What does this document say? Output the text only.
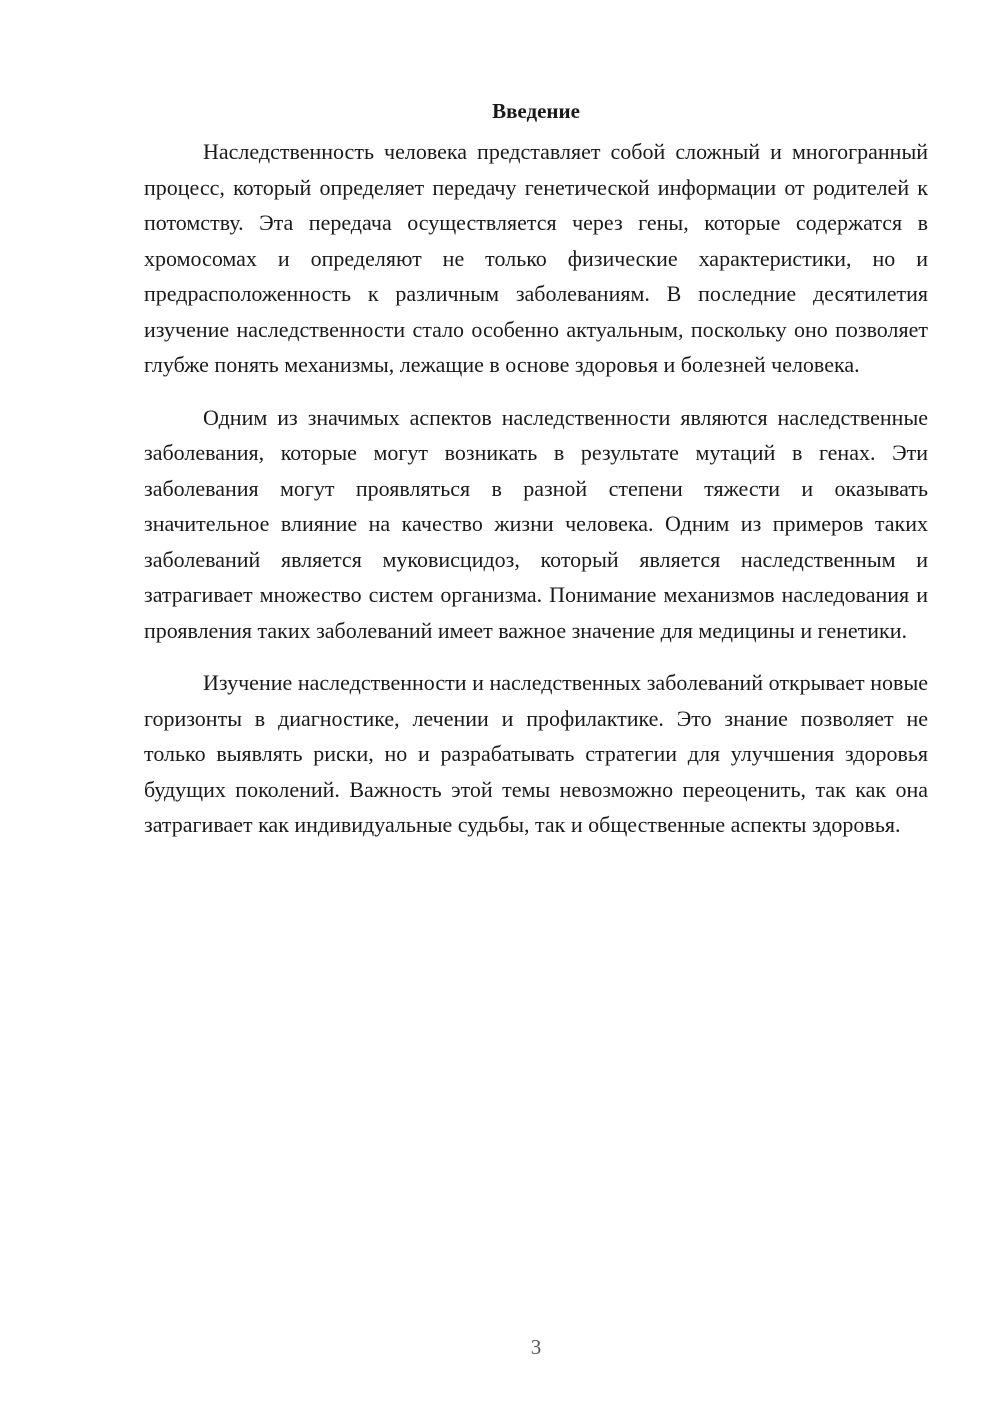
Введение

Наследственность человека представляет собой сложный и многогранный процесс, который определяет передачу генетической информации от родителей к потомству. Эта передача осуществляется через гены, которые содержатся в хромосомах и определяют не только физические характеристики, но и предрасположенность к различным заболеваниям. В последние десятилетия изучение наследственности стало особенно актуальным, поскольку оно позволяет глубже понять механизмы, лежащие в основе здоровья и болезней человека.

Одним из значимых аспектов наследственности являются наследственные заболевания, которые могут возникать в результате мутаций в генах. Эти заболевания могут проявляться в разной степени тяжести и оказывать значительное влияние на качество жизни человека. Одним из примеров таких заболеваний является муковисцидоз, который является наследственным и затрагивает множество систем организма. Понимание механизмов наследования и проявления таких заболеваний имеет важное значение для медицины и генетики.

Изучение наследственности и наследственных заболеваний открывает новые горизонты в диагностике, лечении и профилактике. Это знание позволяет не только выявлять риски, но и разрабатывать стратегии для улучшения здоровья будущих поколений. Важность этой темы невозможно переоценить, так как она затрагивает как индивидуальные судьбы, так и общественные аспекты здоровья.

3
